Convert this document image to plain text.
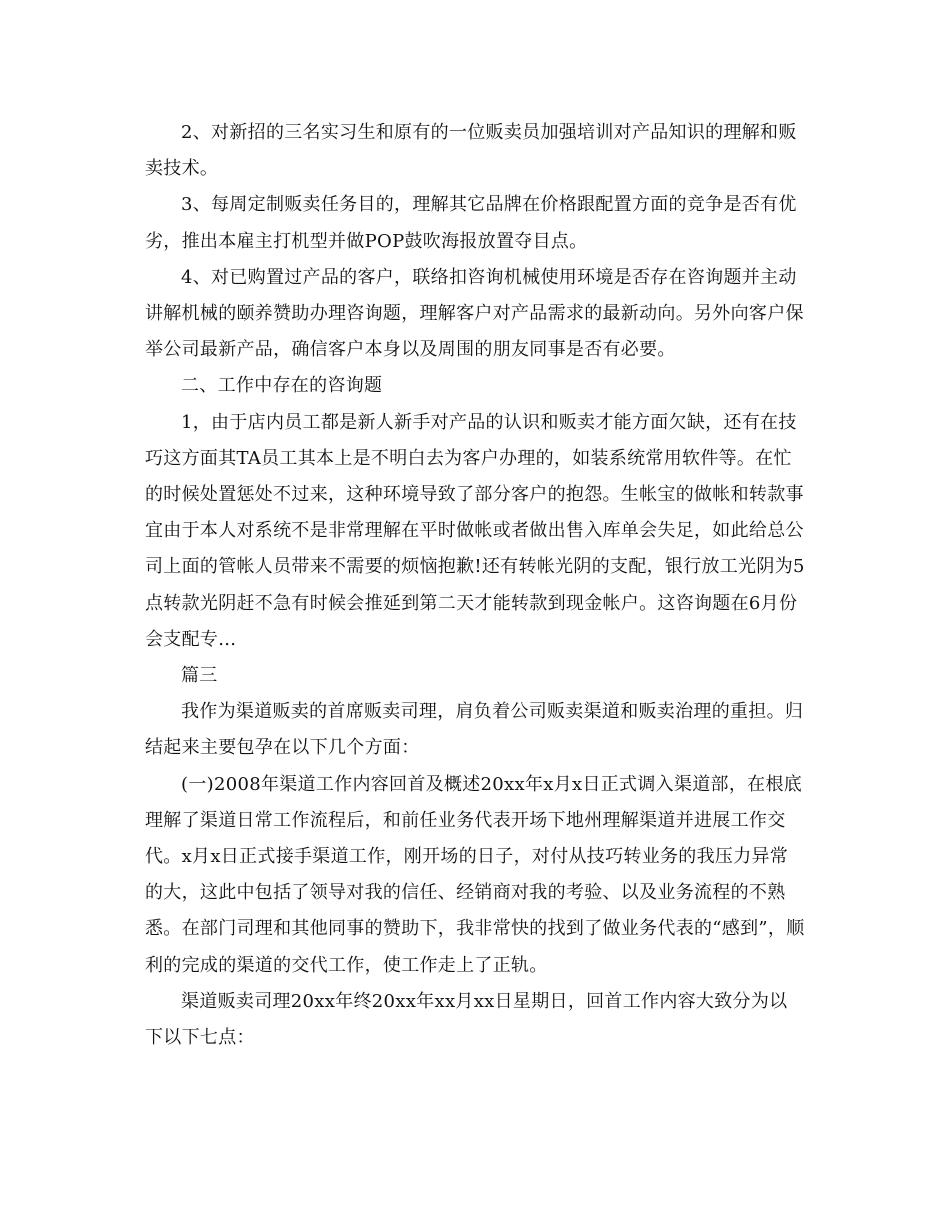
2、对新招的三名实习生和原有的一位贩卖员加强培训对产品知识的理解和贩卖技术。

3、每周定制贩卖任务目的，理解其它品牌在价格跟配置方面的竞争是否有优劣，推出本雇主打机型并做POP鼓吹海报放置夺目点。

4、对已购置过产品的客户，联络扣咨询机械使用环境是否存在咨询题并主动讲解机械的颐养赞助办理咨询题，理解客户对产品需求的最新动向。另外向客户保举公司最新产品，确信客户本身以及周围的朋友同事是否有必要。

二、工作中存在的咨询题

1，由于店内员工都是新人新手对产品的认识和贩卖才能方面欠缺，还有在技巧这方面其TA员工其本上是不明白去为客户办理的，如装系统常用软件等。在忙的时候处置惩处不过来，这种环境导致了部分客户的抱怨。生帐宝的做帐和转款事宜由于本人对系统不是非常理解在平时做帐或者做出售入库单会失足，如此给总公司上面的管帐人员带来不需要的烦恼抱歉!还有转帐光阴的支配，银行放工光阴为5点转款光阴赶不急有时候会推延到第二天才能转款到现金帐户。这咨询题在6月份会支配专...

篇三

我作为渠道贩卖的首席贩卖司理，肩负着公司贩卖渠道和贩卖治理的重担。归结起来主要包孕在以下几个方面：

(一)2008年渠道工作内容回首及概述20xx年x月x日正式调入渠道部，在根底理解了渠道日常工作流程后，和前任业务代表开场下地州理解渠道并进展工作交代。x月x日正式接手渠道工作，刚开场的日子，对付从技巧转业务的我压力异常的大，这此中包括了领导对我的信任、经销商对我的考验、以及业务流程的不熟悉。在部门司理和其他同事的赞助下，我非常快的找到了做业务代表的“感到”，顺利的完成的渠道的交代工作，使工作走上了正轨。

渠道贩卖司理20xx年终20xx年xx月xx日星期日，回首工作内容大致分为以下以下七点：
